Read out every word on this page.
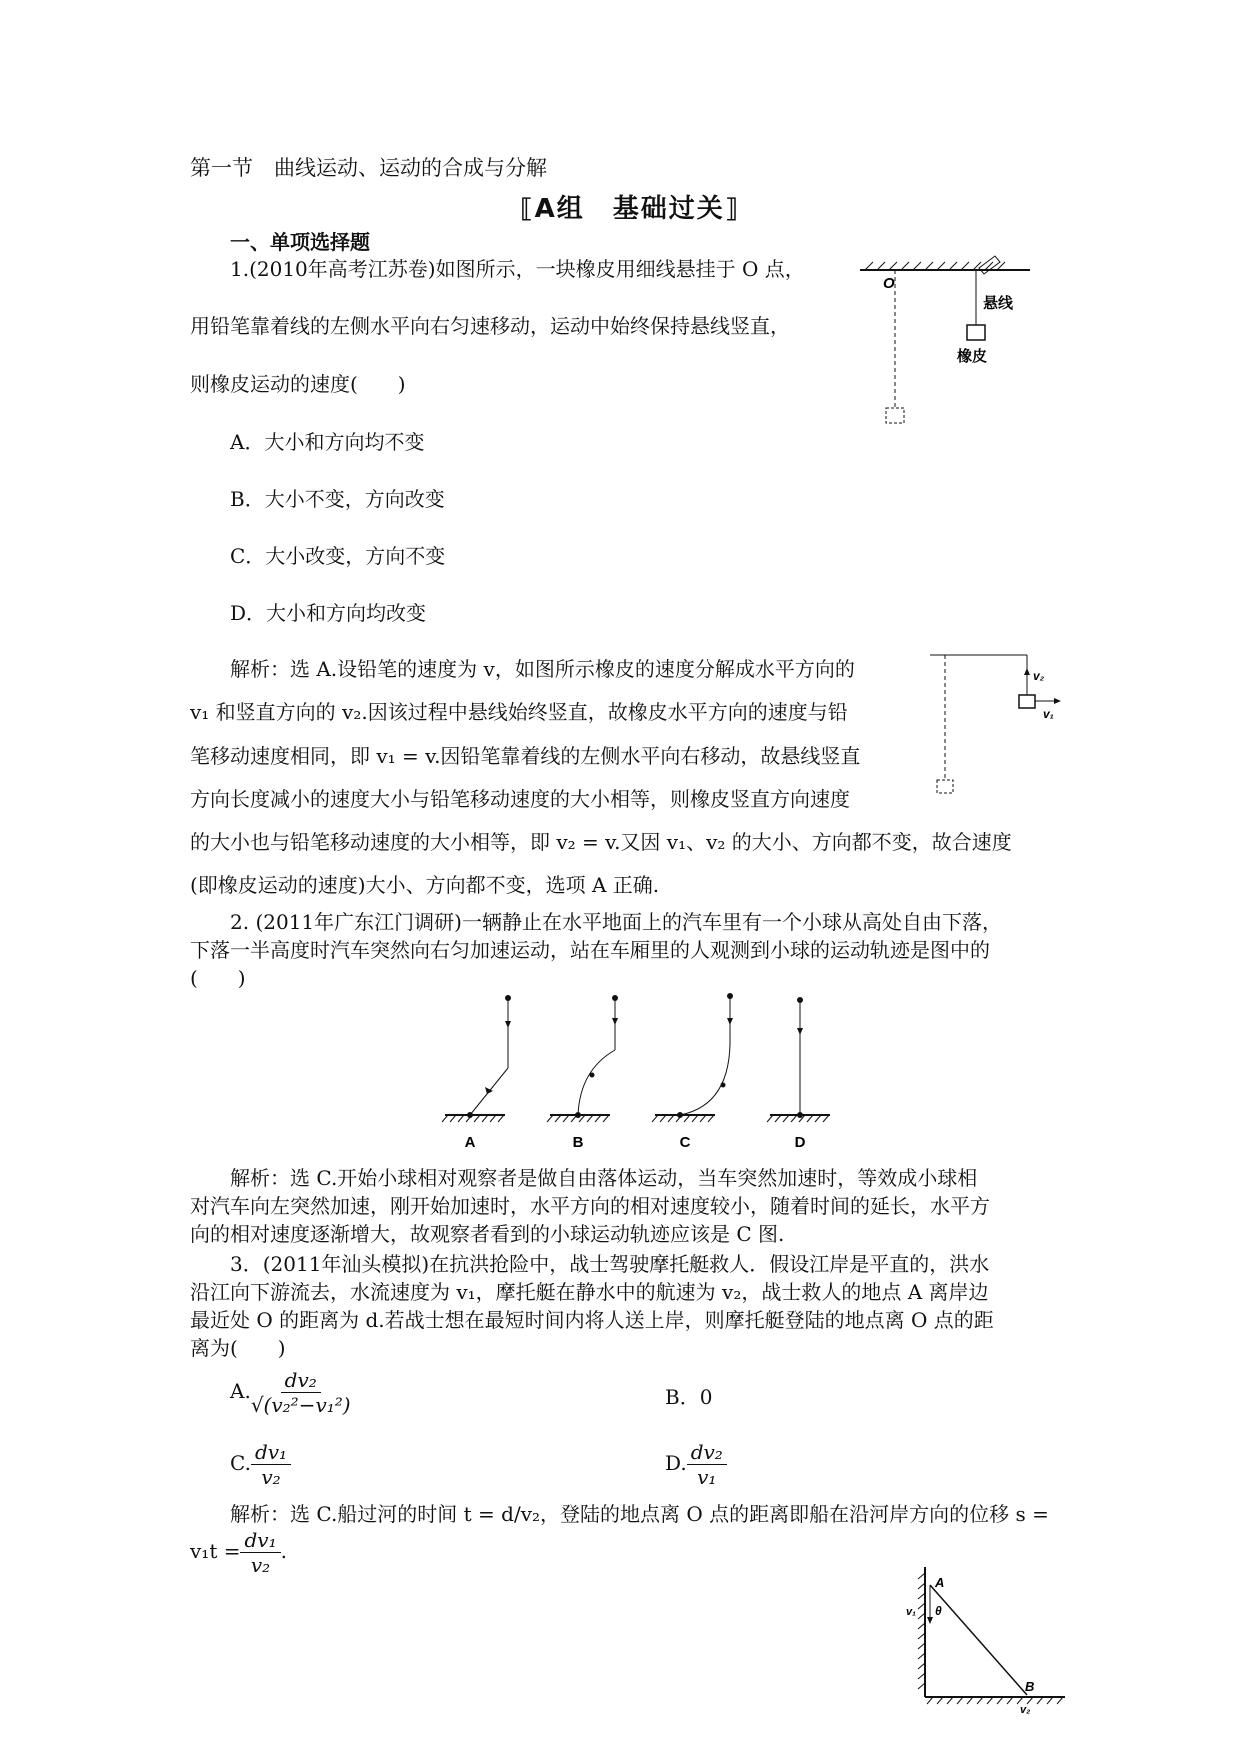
第一节　曲线运动、运动的合成与分解
⟦A组　基础过关⟧
一、单项选择题
1.(2010年高考江苏卷)如图所示，一块橡皮用细线悬挂于 O 点，
用铅笔靠着线的左侧水平向右匀速移动，运动中始终保持悬线竖直，
则橡皮运动的速度(　　)
A．大小和方向均不变
B．大小不变，方向改变
C．大小改变，方向不变
D．大小和方向均改变
O
悬线
橡皮
解析：选 A.设铅笔的速度为 v，如图所示橡皮的速度分解成水平方向的
v₁ 和竖直方向的 v₂.因该过程中悬线始终竖直，故橡皮水平方向的速度与铅
笔移动速度相同，即 v₁ = v.因铅笔靠着线的左侧水平向右移动，故悬线竖直
方向长度减小的速度大小与铅笔移动速度的大小相等，则橡皮竖直方向速度
的大小也与铅笔移动速度的大小相等，即 v₂ = v.又因 v₁、v₂ 的大小、方向都不变，故合速度
(即橡皮运动的速度)大小、方向都不变，选项 A 正确.
v₂
v₁
2. (2011年广东江门调研)一辆静止在水平地面上的汽车里有一个小球从高处自由下落，
下落一半高度时汽车突然向右匀加速运动，站在车厢里的人观测到小球的运动轨迹是图中的
(　　)
A	B	C	D
解析：选 C.开始小球相对观察者是做自由落体运动，当车突然加速时，等效成小球相
对汽车向左突然加速，刚开始加速时，水平方向的相对速度较小，随着时间的延长，水平方
向的相对速度逐渐增大，故观察者看到的小球运动轨迹应该是 C 图.
3．(2011年汕头模拟)在抗洪抢险中，战士驾驶摩托艇救人．假设江岸是平直的，洪水
沿江向下游流去，水流速度为 v₁，摩托艇在静水中的航速为 v₂，战士救人的地点 A 离岸边
最近处 O 的距离为 d.若战士想在最短时间内将人送上岸，则摩托艇登陆的地点离 O 点的距
离为(　　)
A. $\frac{\text{dv₂}}{\text{√(v₂²−v₁²)}}$	B．0
C. $\frac{\text{dv₁}}{\text{v₂}}$	D. $\frac{\text{dv₂}}{\text{v₁}}$
解析：选 C.船过河的时间 t = d/v₂，登陆的地点离 O 点的距离即船在沿河岸方向的位移 s =
$v_1t = \frac{\text{dv₁}}{\text{v₂}}$ .
A
θ
v₁
B
v₂
